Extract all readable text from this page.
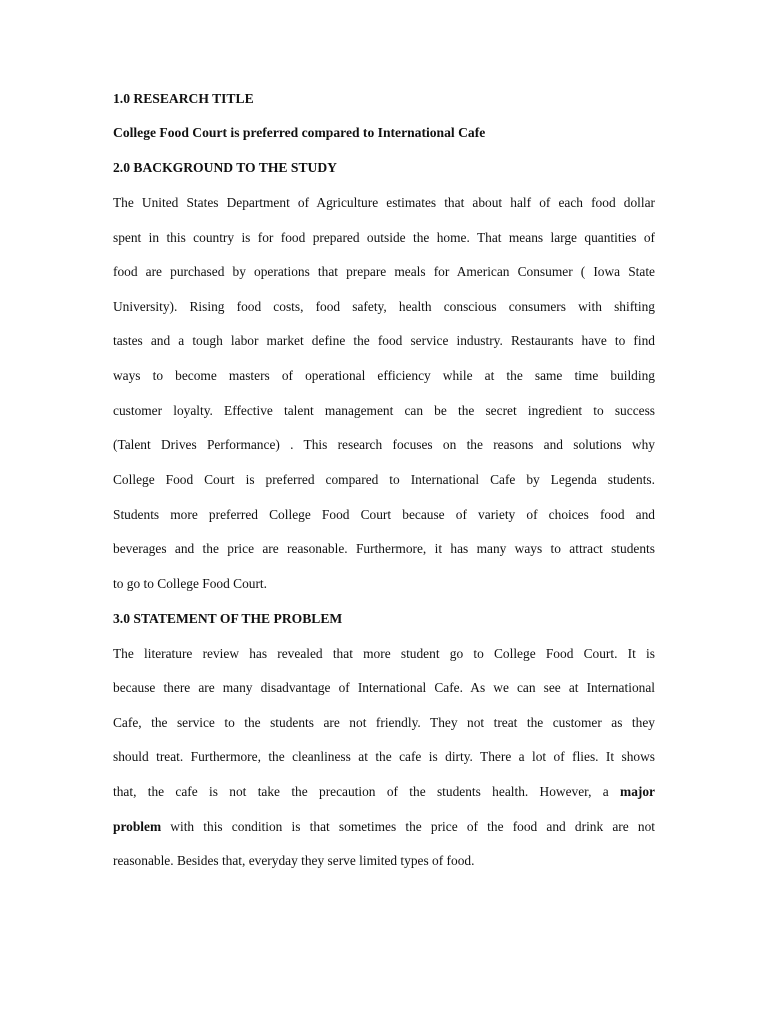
1.0 RESEARCH TITLE
College Food Court is preferred compared to International Cafe
2.0 BACKGROUND TO THE STUDY
The United States Department of Agriculture estimates that about half of each food dollar
spent in this country is for food prepared outside the home. That means large quantities of
food are purchased by operations that prepare meals for American Consumer ( Iowa State
University). Rising food costs, food safety, health conscious consumers with shifting
tastes and a tough labor market define the food service industry. Restaurants have to find
ways to become masters of operational efficiency while at the same time building
customer loyalty. Effective talent management can be the secret ingredient to success
(Talent Drives Performance) . This research focuses on the reasons and solutions why
College Food Court is preferred compared to International Cafe by Legenda students.
Students more preferred College Food Court because of variety of choices food and
beverages and the price are reasonable. Furthermore, it has many ways to attract students
to go to College Food Court.
3.0 STATEMENT OF THE PROBLEM
The literature review has revealed that more student go to College Food Court. It is
because there are many disadvantage of International Cafe. As we can see at International
Cafe, the service to the students are not friendly. They not treat the customer as they
should treat. Furthermore, the cleanliness at the cafe is dirty. There a lot of flies. It shows
that, the cafe is not take the precaution of the students health. However, a major
problem with this condition is that sometimes the price of the food and drink are not
reasonable. Besides that, everyday they serve limited types of food.
